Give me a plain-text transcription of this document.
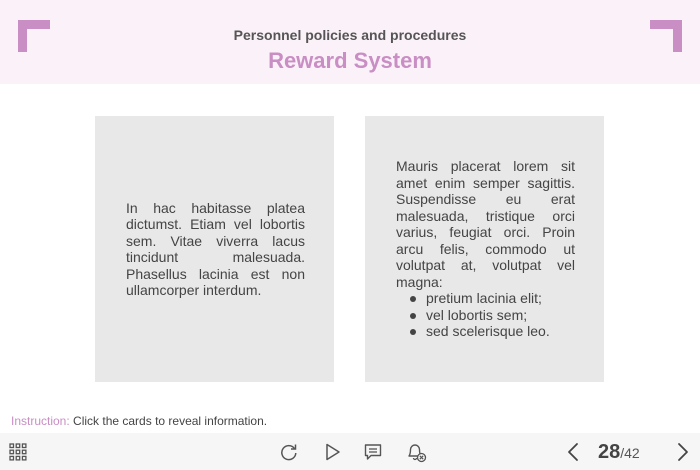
Personnel policies and procedures
Reward System
In hac habitasse platea dictumst. Etiam vel lobortis sem. Vitae viverra lacus tincidunt malesuada. Phasellus lacinia est non ullamcorper interdum.
Mauris placerat lorem sit amet enim semper sagittis. Suspendisse eu erat malesuada, tristique orci varius, feugiat orci. Proin arcu felis, commodo ut volutpat at, volutpat vel magna:
pretium lacinia elit;
vel lobortis sem;
sed scelerisque leo.
Instruction: Click the cards to reveal information.
28/42
